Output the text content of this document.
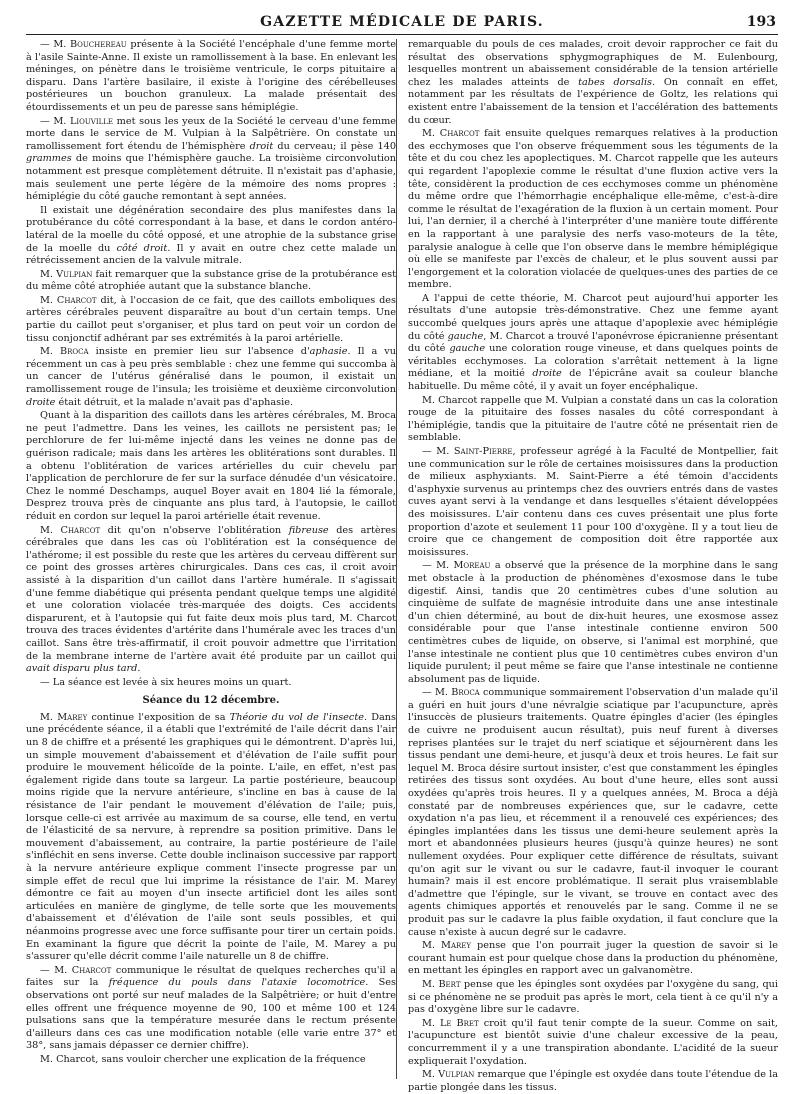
GAZETTE MÉDICALE DE PARIS.	193

— M. Bouchereau présente à la Société l'encéphale d'une femme morte à l'asile Sainte-Anne. Il existe un ramollissement à la base. En enlevant les méninges, on pénètre dans le troisième ventricule, le corps pituitaire a disparu. Dans l'artère basilaire, il existe à l'origine des cérébelleuses postérieures un bouchon granuleux. La malade présentait des étourdissements et un peu de paresse sans hémiplégie.

— M. Liouville met sous les yeux de la Société le cerveau d'une femme morte dans le service de M. Vulpian à la Salpêtrière. On constate un ramollissement fort étendu de l'hémisphère droit du cerveau; il pèse 140 grammes de moins que l'hémisphère gauche. La troisième circonvolution notamment est presque complètement détruite. Il n'existait pas d'aphasie, mais seulement une perte légère de la mémoire des noms propres : hémiplégie du côté gauche remontant à sept années.

Il existait une dégénération secondaire des plus manifestes dans la protubérance du côté correspondant à la base, et dans le cordon antéro-latéral de la moelle du côté opposé, et une atrophie de la substance grise de la moelle du côté droit. Il y avait en outre chez cette malade un rétrécissement ancien de la valvule mitrale.

M. Vulpian fait remarquer que la substance grise de la protubérance est du même côté atrophiée autant que la substance blanche.

M. Charcot dit, à l'occasion de ce fait, que des caillots emboliques des artères cérébrales peuvent disparaître au bout d'un certain temps. Une partie du caillot peut s'organiser, et plus tard on peut voir un cordon de tissu conjonctif adhérant par ses extrémités à la paroi artérielle.

M. Broca insiste en premier lieu sur l'absence d'aphasie. Il a vu récemment un cas à peu près semblable : chez une femme qui succomba à un cancer de l'utérus généralisé dans le poumon, il existait un ramollissement rouge de l'insula; les troisième et deuxième circonvolution droite était détruit, et la malade n'avait pas d'aphasie.

Quant à la disparition des caillots dans les artères cérébrales, M. Broca ne peut l'admettre. Dans les veines, les caillots ne persistent pas; le perchlorure de fer lui-même injecté dans les veines ne donne pas de guérison radicale; mais dans les artères les oblitérations sont durables. Il a obtenu l'oblitération de varices artérielles du cuir chevelu par l'application de perchlorure de fer sur la surface dénudée d'un vésicatoire. Chez le nommé Deschamps, auquel Boyer avait en 1804 lié la fémorale, Desprez trouva près de cinquante ans plus tard, à l'autopsie, le caillot réduit en cordon sur lequel la paroi artérielle était revenue.

M. Charcot dit qu'on n'observe l'oblitération fibreuse des artères cérébrales que dans les cas où l'oblitération est la conséquence de l'athérome; il est possible du reste que les artères du cerveau diffèrent sur ce point des grosses artères chirurgicales. Dans ces cas, il croit avoir assisté à la disparition d'un caillot dans l'artère humérale. Il s'agissait d'une femme diabétique qui présenta pendant quelque temps une algidité et une coloration violacée très-marquée des doigts. Ces accidents disparurent, et à l'autopsie qui fut faite deux mois plus tard, M. Charcot trouva des traces évidentes d'artérite dans l'humérale avec les traces d'un caillot. Sans être très-affirmatif, il croit pouvoir admettre que l'irritation de la membrane interne de l'artère avait été produite par un caillot qui avait disparu plus tard.

— La séance est levée à six heures moins un quart.

Séance du 12 décembre.

M. Marey continue l'exposition de sa Théorie du vol de l'insecte. Dans une précédente séance, il a établi que l'extrémité de l'aile décrit dans l'air un 8 de chiffre et a présenté les graphiques qui le démontrent. D'après lui, un simple mouvement d'abaissement et d'élévation de l'aile suffit pour produire le mouvement hélicoïde de la pointe. L'aile, en effet, n'est pas également rigide dans toute sa largeur. La partie postérieure, beaucoup moins rigide que la nervure antérieure, s'incline en bas à cause de la résistance de l'air pendant le mouvement d'élévation de l'aile; puis, lorsque celle-ci est arrivée au maximum de sa course, elle tend, en vertu de l'élasticité de sa nervure, à reprendre sa position primitive. Dans le mouvement d'abaissement, au contraire, la partie postérieure de l'aile s'infléchit en sens inverse. Cette double inclinaison successive par rapport à la nervure antérieure explique comment l'insecte progresse par un simple effet de recul que lui imprime la résistance de l'air. M. Marey démontre ce fait au moyen d'un insecte artificiel dont les ailes sont articulées en manière de ginglyme, de telle sorte que les mouvements d'abaissement et d'élévation de l'aile sont seuls possibles, et qui néanmoins progresse avec une force suffisante pour tirer un certain poids. En examinant la figure que décrit la pointe de l'aile, M. Marey a pu s'assurer qu'elle décrit comme l'aile naturelle un 8 de chiffre.

— M. Charcot communique le résultat de quelques recherches qu'il a faites sur la fréquence du pouls dans l'ataxie locomotrice. Ses observations ont porté sur neuf malades de la Salpêtrière; or huit d'entre elles offrent une fréquence moyenne de 90, 100 et même 100 et 124 pulsations sans que la température mesurée dans le rectum présente d'ailleurs dans ces cas une modification notable (elle varie entre 37° et 38°, sans jamais dépasser ce dernier chiffre).

M. Charcot, sans vouloir chercher une explication de la fréquence

remarquable du pouls de ces malades, croit devoir rapprocher ce fait du résultat des observations sphygmographiques de M. Eulenbourg, lesquelles montrent un abaissement considérable de la tension artérielle chez les malades atteints de tabes dorsalis. On connaît en effet, notamment par les résultats de l'expérience de Goltz, les relations qui existent entre l'abaissement de la tension et l'accélération des battements du cœur.

M. Charcot fait ensuite quelques remarques relatives à la production des ecchymoses que l'on observe fréquemment sous les téguments de la tête et du cou chez les apoplectiques. M. Charcot rappelle que les auteurs qui regardent l'apoplexie comme le résultat d'une fluxion active vers la tête, considèrent la production de ces ecchymoses comme un phénomène du même ordre que l'hémorrhagie encéphalique elle-même, c'est-à-dire comme le résultat de l'exagération de la fluxion à un certain moment. Pour lui, l'an dernier, il a cherché à l'interpréter d'une manière toute différente en la rapportant à une paralysie des nerfs vaso-moteurs de la tête, paralysie analogue à celle que l'on observe dans le membre hémiplégique où elle se manifeste par l'excès de chaleur, et le plus souvent aussi par l'engorgement et la coloration violacée de quelques-unes des parties de ce membre.

A l'appui de cette théorie, M. Charcot peut aujourd'hui apporter les résultats d'une autopsie très-démonstrative. Chez une femme ayant succombé quelques jours après une attaque d'apoplexie avec hémiplégie du côté gauche, M. Charcot a trouvé l'aponévrose épicranienne présentant du côté gauche une coloration rouge vineuse, et dans quelques points de véritables ecchymoses. La coloration s'arrêtait nettement à la ligne médiane, et la moitié droite de l'épicrâne avait sa couleur blanche habituelle. Du même côté, il y avait un foyer encéphalique.

M. Charcot rappelle que M. Vulpian a constaté dans un cas la coloration rouge de la pituitaire des fosses nasales du côté correspondant à l'hémiplégie, tandis que la pituitaire de l'autre côté ne présentait rien de semblable.

— M. Saint-Pierre, professeur agrégé à la Faculté de Montpellier, fait une communication sur le rôle de certaines moisissures dans la production de milieux asphyxiants. M. Saint-Pierre a été témoin d'accidents d'asphyxie survenus au printemps chez des ouvriers entrés dans de vastes cuves ayant servi à la vendange et dans lesquelles s'étaient développées des moisissures. L'air contenu dans ces cuves présentait une plus forte proportion d'azote et seulement 11 pour 100 d'oxygène. Il y a tout lieu de croire que ce changement de composition doit être rapportée aux moisissures.

— M. Moreau a observé que la présence de la morphine dans le sang met obstacle à la production de phénomènes d'exosmose dans le tube digestif. Ainsi, tandis que 20 centimètres cubes d'une solution au cinquième de sulfate de magnésie introduite dans une anse intestinale d'un chien déterminé, au bout de dix-huit heures, une exosmose assez considérable pour que l'anse intestinale contienne environ 500 centimètres cubes de liquide, on observe, si l'animal est morphiné, que l'anse intestinale ne contient plus que 10 centimètres cubes environ d'un liquide purulent; il peut même se faire que l'anse intestinale ne contienne absolument pas de liquide.

— M. Broca communique sommairement l'observation d'un malade qu'il a guéri en huit jours d'une névralgie sciatique par l'acupuncture, après l'insuccès de plusieurs traitements. Quatre épingles d'acier (les épingles de cuivre ne produisent aucun résultat), puis neuf furent à diverses reprises plantées sur le trajet du nerf sciatique et séjournèrent dans les tissus pendant une demi-heure, et jusqu'à deux et trois heures. Le fait sur lequel M. Broca désire surtout insister, c'est que constamment les épingles retirées des tissus sont oxydées. Au bout d'une heure, elles sont aussi oxydées qu'après trois heures. Il y a quelques années, M. Broca a déjà constaté par de nombreuses expériences que, sur le cadavre, cette oxydation n'a pas lieu, et récemment il a renouvelé ces expériences; des épingles implantées dans les tissus une demi-heure seulement après la mort et abandonnées plusieurs heures (jusqu'à quinze heures) ne sont nullement oxydées. Pour expliquer cette différence de résultats, suivant qu'on agit sur le vivant ou sur le cadavre, faut-il invoquer le courant humain? mais il est encore problématique. Il serait plus vraisemblable d'admettre que l'épingle, sur le vivant, se trouve en contact avec des agents chimiques apportés et renouvelés par le sang. Comme il ne se produit pas sur le cadavre la plus faible oxydation, il faut conclure que la cause n'existe à aucun degré sur le cadavre.

M. Marey pense que l'on pourrait juger la question de savoir si le courant humain est pour quelque chose dans la production du phénomène, en mettant les épingles en rapport avec un galvanomètre.

M. Bert pense que les épingles sont oxydées par l'oxygène du sang, qui si ce phénomène ne se produit pas après le mort, cela tient à ce qu'il n'y a pas d'oxygène libre sur le cadavre.

M. Le Bret croit qu'il faut tenir compte de la sueur. Comme on sait, l'acupuncture est bientôt suivie d'une chaleur excessive de la peau, concurremment il y a une transpiration abondante. L'acidité de la sueur expliquerait l'oxydation.

M. Vulpian remarque que l'épingle est oxydée dans toute l'étendue de la partie plongée dans les tissus.
